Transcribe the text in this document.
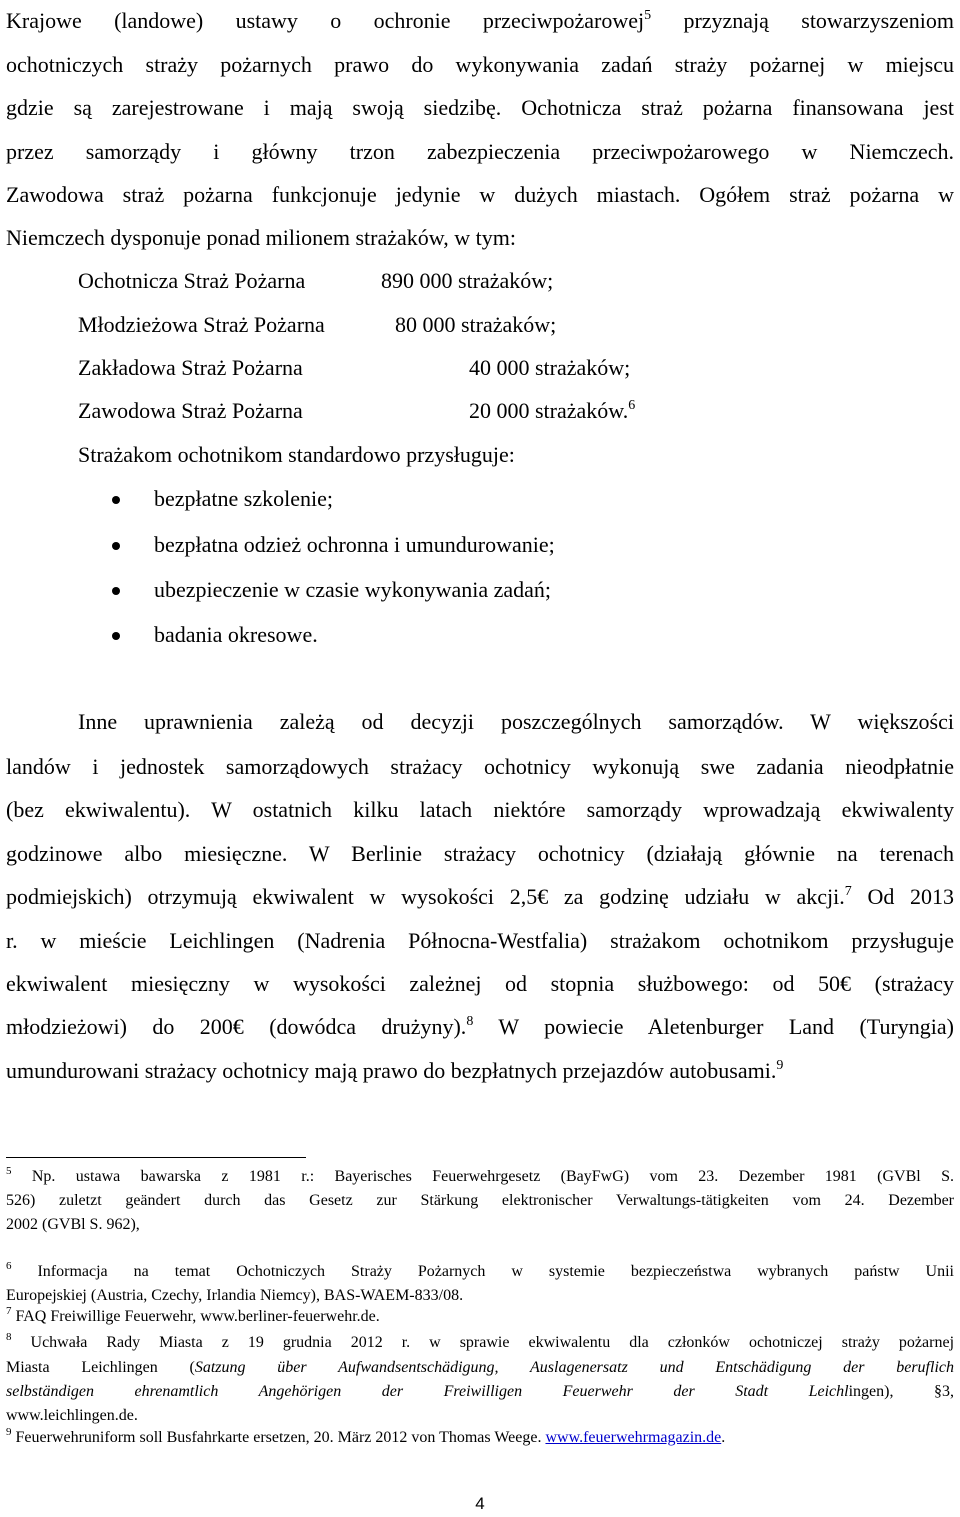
Krajowe (landowe) ustawy o ochronie przeciwpożarowej$^5$ przyznają stowarzyszeniom
ochotniczych straży pożarnych prawo do wykonywania zadań straży pożarnej w miejscu
gdzie są zarejestrowane i mają swoją siedzibę. Ochotnicza straż pożarna finansowana jest
przez samorządy i główny trzon zabezpieczenia przeciwpożarowego w Niemczech.
Zawodowa straż pożarna funkcjonuje jedynie w dużych miastach. Ogółem straż pożarna w
Niemczech dysponuje ponad milionem strażaków, w tym:
Ochotnicza Straż Pożarna	890 000 strażaków;
Młodzieżowa Straż Pożarna	80 000 strażaków;
Zakładowa Straż Pożarna	40 000 strażaków;
Zawodowa Straż Pożarna	20 000 strażaków.$^6$
Strażakom ochotnikom standardowo przysługuje:
bezpłatne szkolenie;
bezpłatna odzież ochronna i umundurowanie;
ubezpieczenie w czasie wykonywania zadań;
badania okresowe.
Inne uprawnienia zależą od decyzji poszczególnych samorządów. W większości
landów i jednostek samorządowych strażacy ochotnicy wykonują swe zadania nieodpłatnie
(bez ekwiwalentu). W ostatnich kilku latach niektóre samorządy wprowadzają ekwiwalenty
godzinowe albo miesięczne. W Berlinie strażacy ochotnicy (działają głównie na terenach
podmiejskich) otrzymują ekwiwalent w wysokości 2,5€ za godzinę udziału w akcji.$^7$ Od 2013
r. w mieście Leichlingen (Nadrenia Północna-Westfalia) strażakom ochotnikom przysługuje
ekwiwalent miesięczny w wysokości zależnej od stopnia służbowego: od 50€ (strażacy
młodzieżowi) do 200€ (dowódca drużyny).$^8$ W powiecie Aletenburger Land (Turyngia)
umundurowani strażacy ochotnicy mają prawo do bezpłatnych przejazdów autobusami.$^9$
$^5$ Np. ustawa bawarska z 1981 r.: Bayerisches Feuerwehrgesetz (BayFwG) vom 23. Dezember 1981 (GVBl S.
526) zuletzt geändert durch das Gesetz zur Stärkung elektronischer Verwaltungs-tätigkeiten vom 24. Dezember
2002 (GVBl S. 962),
$^6$ Informacja na temat Ochotniczych Straży Pożarnych w systemie bezpieczeństwa wybranych państw Unii
Europejskiej (Austria, Czechy, Irlandia Niemcy), BAS-WAEM-833/08.
$^7$ FAQ Freiwillige Feuerwehr, www.berliner-feuerwehr.de.
$^8$ Uchwała Rady Miasta z 19 grudnia 2012 r. w sprawie ekwiwalentu dla członków ochotniczej straży pożarnej
Miasta Leichlingen (Satzung über Aufwandsentschädigung, Auslagenersatz und Entschädigung der beruflich
selbständigen ehrenamtlich Angehörigen der Freiwilligen Feuerwehr der Stadt Leichlingen), §3,
www.leichlingen.de.
$^9$ Feuerwehruniform soll Busfahrkarte ersetzen, 20. März 2012 von Thomas Weege. www.feuerwehrmagazin.de.
4
